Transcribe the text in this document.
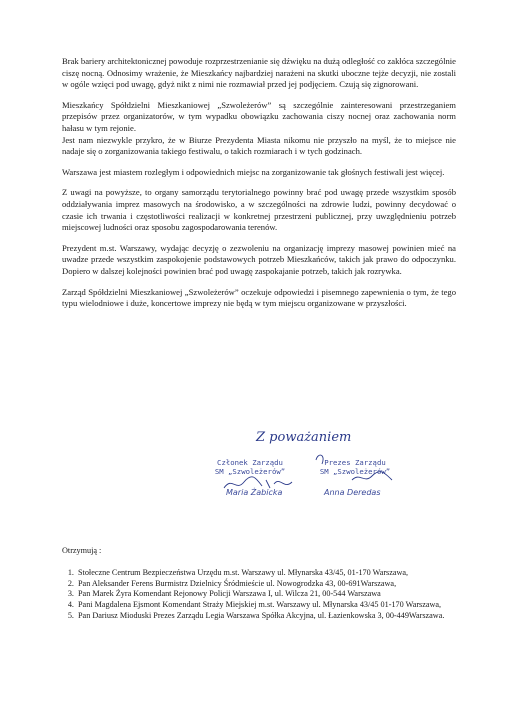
Brak bariery architektonicznej powoduje rozprzestrzenianie się dźwięku na dużą odległość co zakłóca szczególnie ciszę nocną. Odnosimy wrażenie, że Mieszkańcy najbardziej narażeni na skutki uboczne tejże decyzji, nie zostali w ogóle wzięci pod uwagę, gdyż nikt z nimi nie rozmawiał przed jej podjęciem. Czują się zignorowani.

Mieszkańcy Spółdzielni Mieszkaniowej „Szwoleżerów” są szczególnie zainteresowani przestrzeganiem przepisów przez organizatorów, w tym wypadku obowiązku zachowania ciszy nocnej oraz zachowania norm hałasu w tym rejonie.

Jest nam niezwykle przykro, że w Biurze Prezydenta Miasta nikomu nie przyszło na myśl, że to miejsce nie nadaje się o zorganizowania takiego festiwalu, o takich rozmiarach i w tych godzinach.

Warszawa jest miastem rozległym i odpowiednich miejsc na zorganizowanie tak głośnych festiwali jest więcej.

Z uwagi na powyższe, to organy samorządu terytorialnego powinny brać pod uwagę przede wszystkim sposób oddziaływania imprez masowych na środowisko, a w szczególności na zdrowie ludzi, powinny decydować o czasie ich trwania i częstotliwości realizacji w konkretnej przestrzeni publicznej, przy uwzględnieniu potrzeb miejscowej ludności oraz sposobu zagospodarowania terenów.

Prezydent m.st. Warszawy, wydając decyzję o zezwoleniu na organizację imprezy masowej powinien mieć na uwadze przede wszystkim zaspokojenie podstawowych potrzeb Mieszkańców, takich jak prawo do odpoczynku. Dopiero w dalszej kolejności powinien brać pod uwagę zaspokajanie potrzeb, takich jak rozrywka.

Zarząd Spółdzielni Mieszkaniowej „Szwoleżerów” oczekuje odpowiedzi i pisemnego zapewnienia o tym, że tego typu wielodniowe i duże, koncertowe imprezy nie będą w tym miejscu organizowane w przyszłości.

Z poważaniem
Członek Zarządu
SM „Szwoleżerów”
Maria Żabicka
Prezes Zarządu
SM „Szwoleżerów”
Anna Deredas
Otrzymują :
1. Stołeczne Centrum Bezpieczeństwa Urzędu m.st. Warszawy ul. Młynarska 43/45, 01-170 Warszawa,
2. Pan Aleksander Ferens Burmistrz Dzielnicy Śródmieście ul. Nowogrodzka 43, 00-691Warszawa,
3. Pan Marek Żyra Komendant Rejonowy Policji Warszawa I, ul. Wilcza 21, 00-544 Warszawa
4. Pani Magdalena Ejsmont Komendant Straży Miejskiej m.st. Warszawy ul. Młynarska 43/45 01-170 Warszawa,
5. Pan Dariusz Mioduski Prezes Zarządu Legia Warszawa Spółka Akcyjna, ul. Łazienkowska 3, 00-449Warszawa.
